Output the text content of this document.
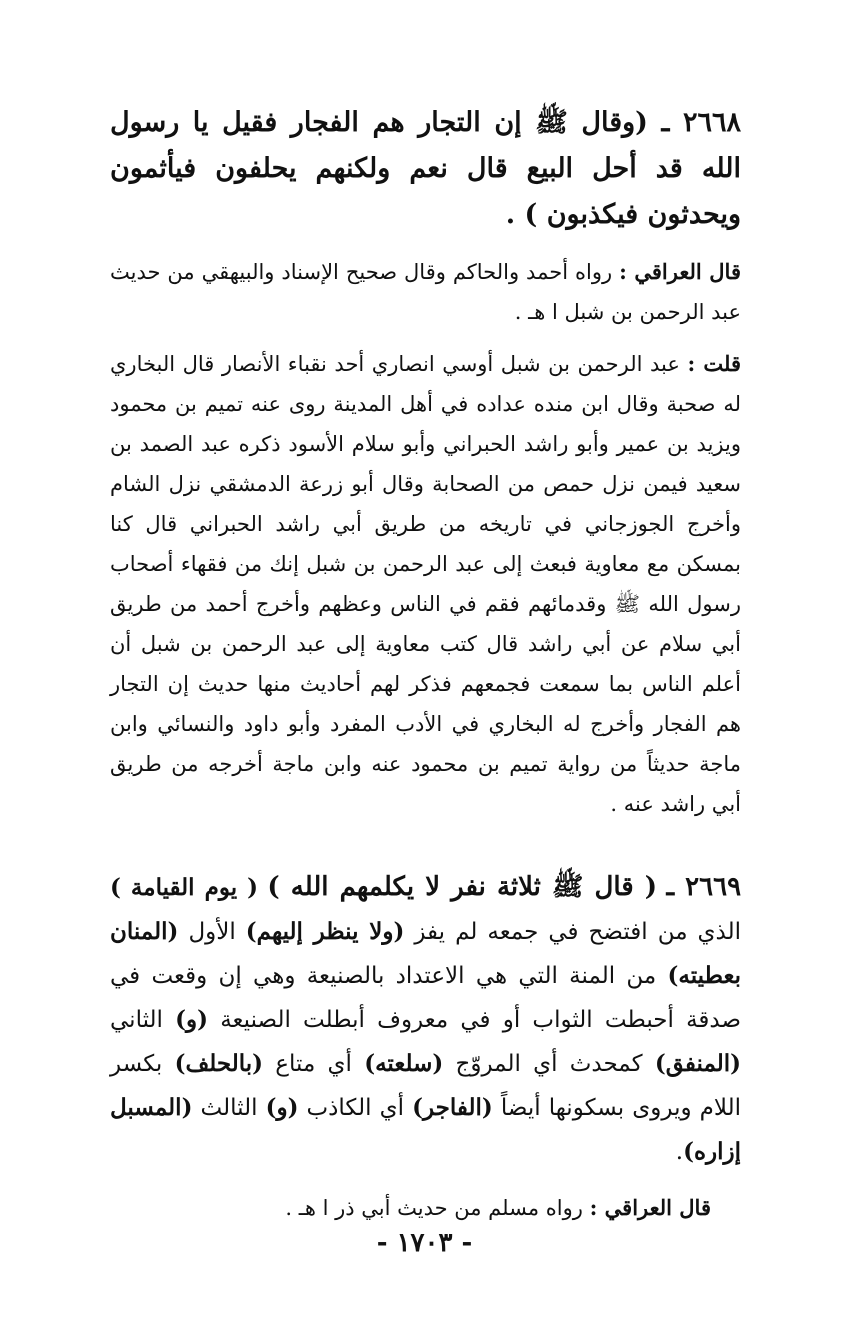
٢٦٦٨ ـ (وقال ﷺ إن التجار هم الفجار فقيل يا رسول الله قد أحل البيع قال نعم ولكنهم يحلفون فيأثمون ويحدثون فيكذبون ) .

قال العراقي : رواه أحمد والحاكم وقال صحيح الإسناد والبيهقي من حديث عبد الرحمن بن شبل ا هـ .

قلت : عبد الرحمن بن شبل أوسي انصاري أحد نقباء الأنصار قال البخاري له صحبة وقال ابن منده عداده في أهل المدينة روى عنه تميم بن محمود ويزيد بن عمير وأبو راشد الحبراني وأبو سلام الأسود ذكره عبد الصمد بن سعيد فيمن نزل حمص من الصحابة وقال أبو زرعة الدمشقي نزل الشام وأخرج الجوزجاني في تاريخه من طريق أبي راشد الحبراني قال كنا بمسكن مع معاوية فبعث إلى عبد الرحمن بن شبل إنك من فقهاء أصحاب رسول الله ﷺ وقدمائهم فقم في الناس وعظهم وأخرج أحمد من طريق أبي سلام عن أبي راشد قال كتب معاوية إلى عبد الرحمن بن شبل أن أعلم الناس بما سمعت فجمعهم فذكر لهم أحاديث منها حديث إن التجار هم الفجار وأخرج له البخاري في الأدب المفرد وأبو داود والنسائي وابن ماجة حديثاً من رواية تميم بن محمود عنه وابن ماجة أخرجه من طريق أبي راشد عنه .

٢٦٦٩ ـ ( قال ﷺ ثلاثة نفر لا يكلمهم الله ) ( يوم القيامة ) الذي من افتضح في جمعه لم يفز (ولا ينظر إليهم) الأول (المنان بعطيته) من المنة التي هي الاعتداد بالصنيعة وهي إن وقعت في صدقة أحبطت الثواب أو في معروف أبطلت الصنيعة (و) الثاني (المنفق) كمحدث أي المروّج (سلعته) أي متاع (بالحلف) بكسر اللام ويروى بسكونها أيضاً (الفاجر) أي الكاذب (و) الثالث (المسبل إزاره).

قال العراقي : رواه مسلم من حديث أبي ذر ا هـ .

- ١٧٠٣ -
